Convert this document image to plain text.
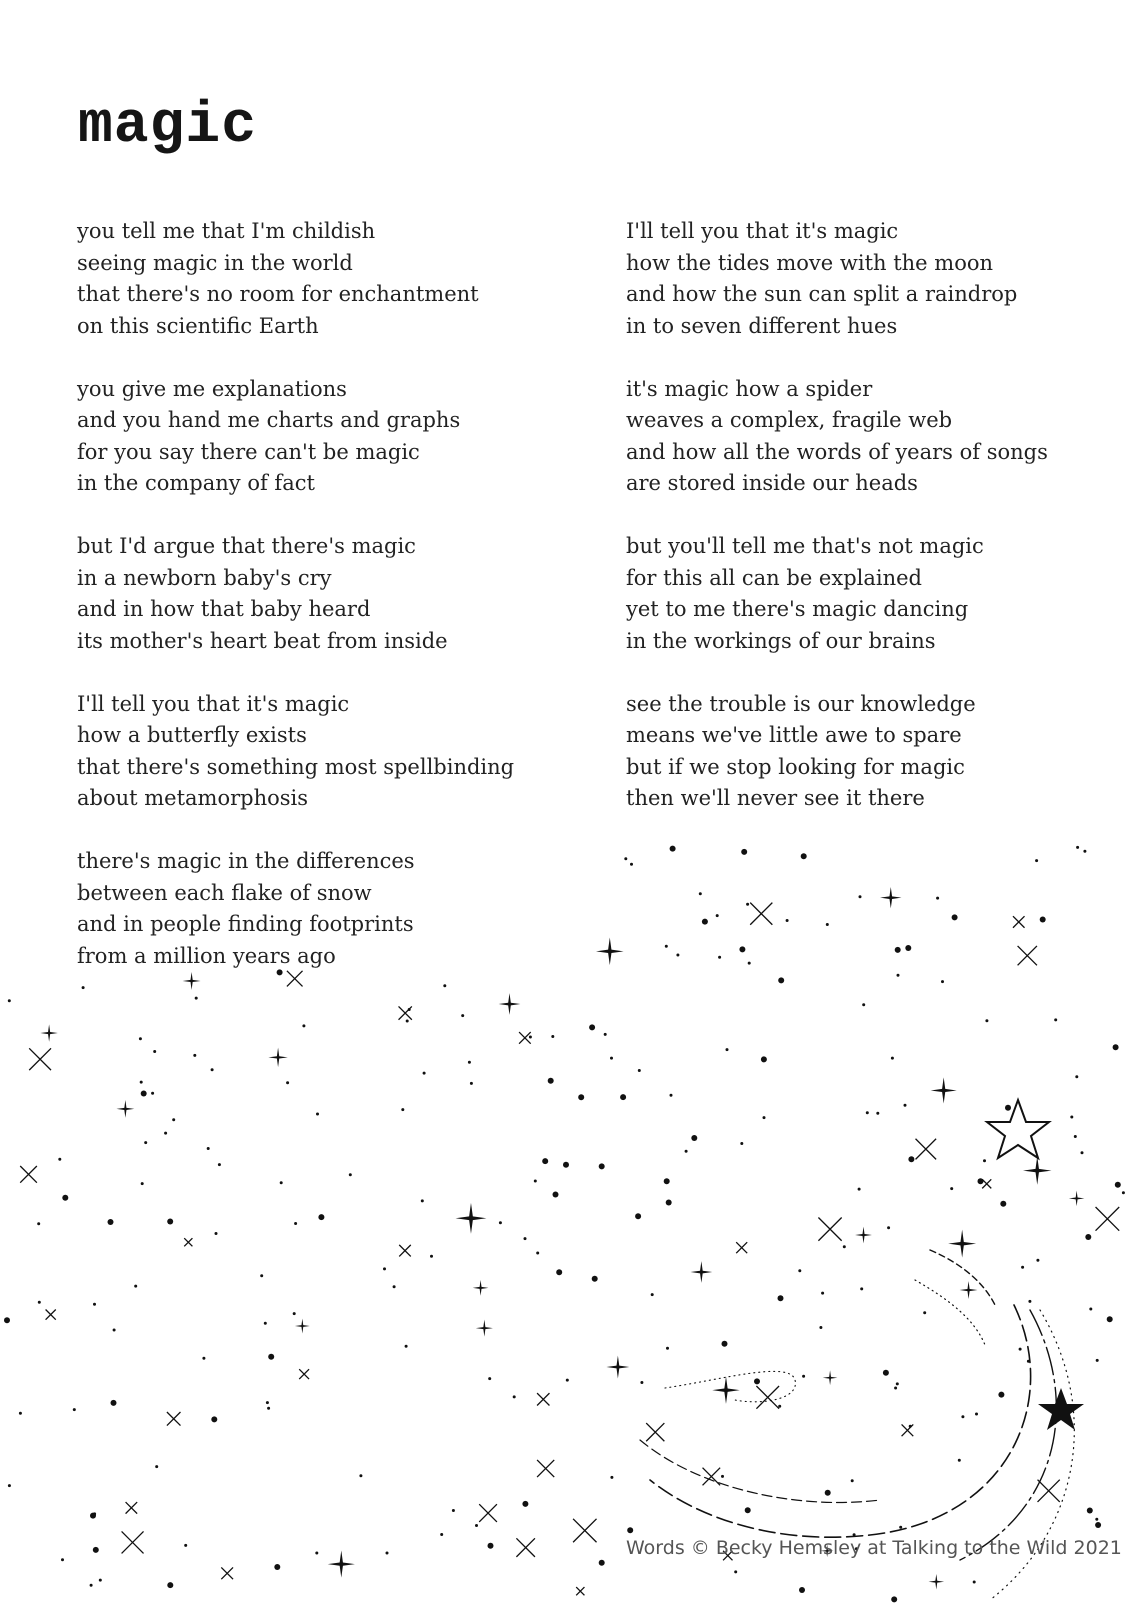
magic
you tell me that I'm childish
seeing magic in the world
that there's no room for enchantment
on this scientific Earth
you give me explanations
and you hand me charts and graphs
for you say there can't be magic
in the company of fact
but I'd argue that there's magic
in a newborn baby's cry
and in how that baby heard
its mother's heart beat from inside
I'll tell you that it's magic
how a butterfly exists
that there's something most spellbinding
about metamorphosis
there's magic in the differences
between each flake of snow
and in people finding footprints
from a million years ago
I'll tell you that it's magic
how the tides move with the moon
and how the sun can split a raindrop
in to seven different hues
it's magic how a spider
weaves a complex, fragile web
and how all the words of years of songs
are stored inside our heads
but you'll tell me that's not magic
for this all can be explained
yet to me there's magic dancing
in the workings of our brains
see the trouble is our knowledge
means we've little awe to spare
but if we stop looking for magic
then we'll never see it there
Words © Becky Hemsley at Talking to the Wild 2021
